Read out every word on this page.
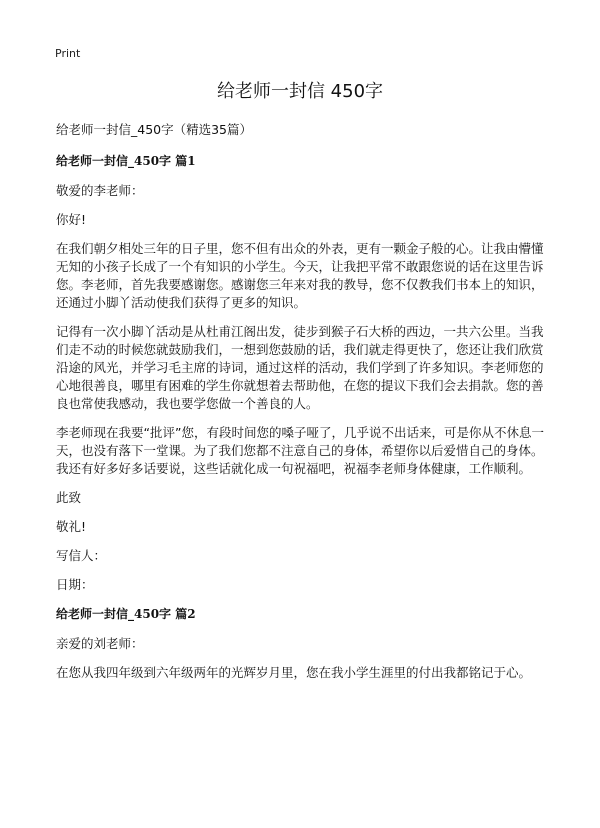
Print
给老师一封信 450字

给老师一封信_450字（精选35篇）

给老师一封信_450字 篇1

敬爱的李老师：

你好!

在我们朝夕相处三年的日子里，您不但有出众的外表，更有一颗金子般的心。让我由懵懂无知的小孩子长成了一个有知识的小学生。今天，让我把平常不敢跟您说的话在这里告诉您。李老师，首先我要感谢您。感谢您三年来对我的教导，您不仅教我们书本上的知识，还通过小脚丫活动使我们获得了更多的知识。

记得有一次小脚丫活动是从杜甫江阁出发，徒步到猴子石大桥的西边，一共六公里。当我们走不动的时候您就鼓励我们，一想到您鼓励的话，我们就走得更快了，您还让我们欣赏沿途的风光，并学习毛主席的诗词，通过这样的活动，我们学到了许多知识。李老师您的心地很善良，哪里有困难的学生你就想着去帮助他，在您的提议下我们会去捐款。您的善良也常使我感动，我也要学您做一个善良的人。

李老师现在我要“批评”您，有段时间您的嗓子哑了，几乎说不出话来，可是你从不休息一天，也没有落下一堂课。为了我们您都不注意自己的身体，希望你以后爱惜自己的身体。我还有好多好多话要说，这些话就化成一句祝福吧，祝福李老师身体健康，工作顺利。

此致

敬礼!

写信人：

日期：

给老师一封信_450字 篇2

亲爱的刘老师：

在您从我四年级到六年级两年的光辉岁月里，您在我小学生涯里的付出我都铭记于心。
